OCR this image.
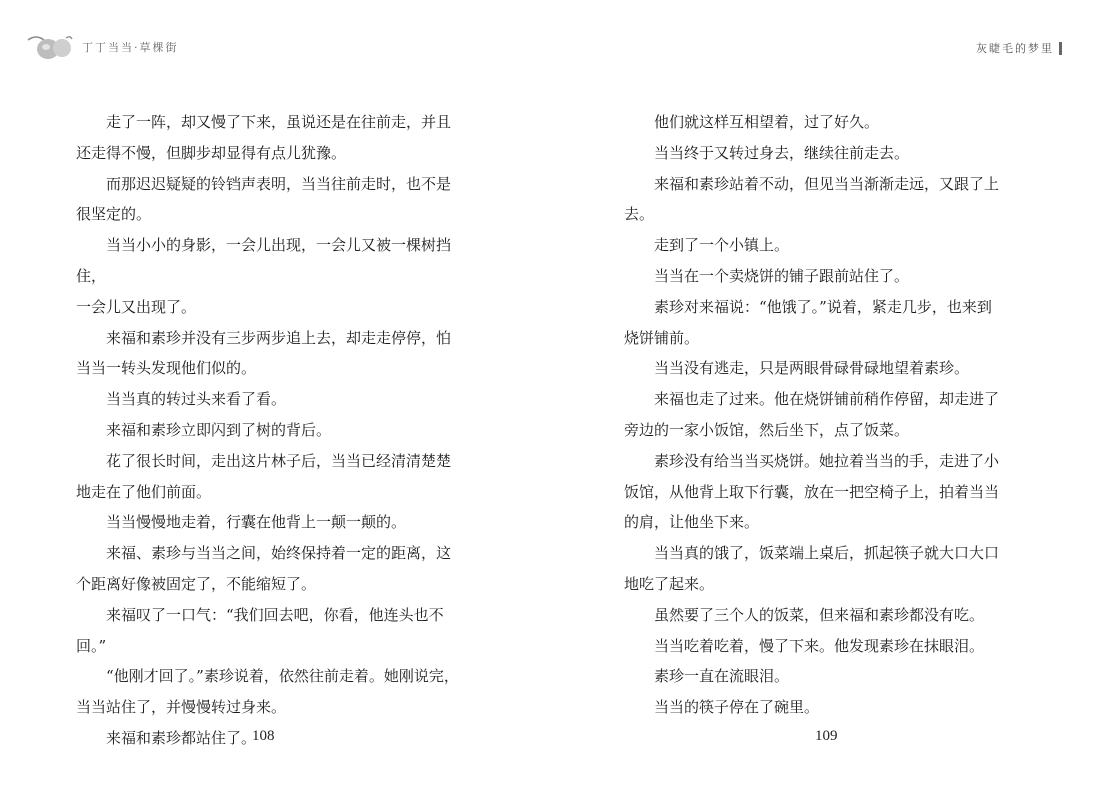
丁丁当当·草棵街
走了一阵，却又慢了下来，虽说还是在往前走，并且
还走得不慢，但脚步却显得有点儿犹豫。
而那迟迟疑疑的铃铛声表明，当当往前走时，也不是
很坚定的。
当当小小的身影，一会儿出现，一会儿又被一棵树挡住，
一会儿又出现了。
来福和素珍并没有三步两步追上去，却走走停停，怕
当当一转头发现他们似的。
当当真的转过头来看了看。
来福和素珍立即闪到了树的背后。
花了很长时间，走出这片林子后，当当已经清清楚楚
地走在了他们前面。
当当慢慢地走着，行囊在他背上一颠一颠的。
来福、素珍与当当之间，始终保持着一定的距离，这
个距离好像被固定了，不能缩短了。
来福叹了一口气：“我们回去吧，你看，他连头也不回。”
“他刚才回了。”素珍说着，依然往前走着。她刚说完，
当当站住了，并慢慢转过身来。
来福和素珍都站住了。
108
灰睫毛的梦里
他们就这样互相望着，过了好久。
当当终于又转过身去，继续往前走去。
来福和素珍站着不动，但见当当渐渐走远，又跟了上去。
走到了一个小镇上。
当当在一个卖烧饼的铺子跟前站住了。
素珍对来福说：“他饿了。”说着，紧走几步，也来到
烧饼铺前。
当当没有逃走，只是两眼骨碌骨碌地望着素珍。
来福也走了过来。他在烧饼铺前稍作停留，却走进了
旁边的一家小饭馆，然后坐下，点了饭菜。
素珍没有给当当买烧饼。她拉着当当的手，走进了小
饭馆，从他背上取下行囊，放在一把空椅子上，拍着当当
的肩，让他坐下来。
当当真的饿了，饭菜端上桌后，抓起筷子就大口大口
地吃了起来。
虽然要了三个人的饭菜，但来福和素珍都没有吃。
当当吃着吃着，慢了下来。他发现素珍在抹眼泪。
素珍一直在流眼泪。
当当的筷子停在了碗里。
109
